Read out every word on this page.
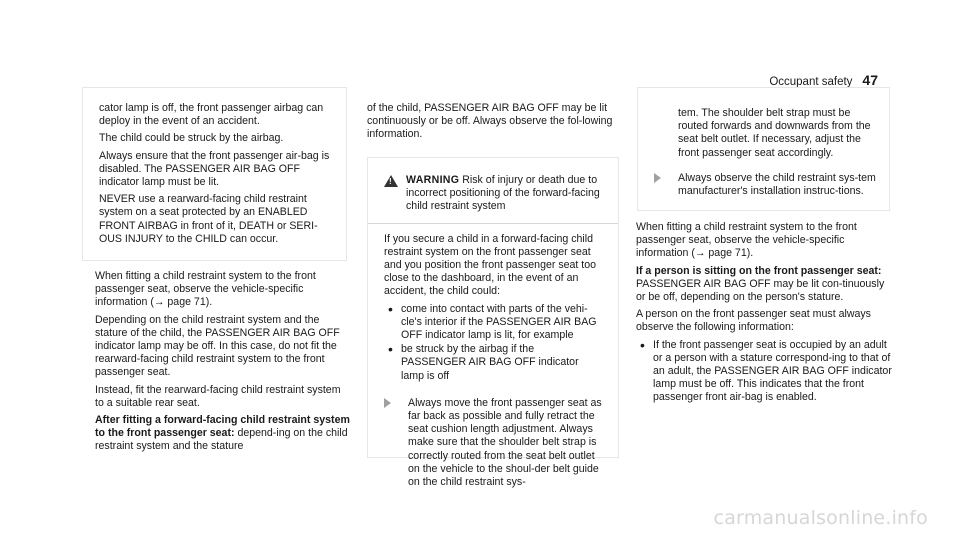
Occupant safety 47

cator lamp is off, the front passenger airbag can deploy in the event of an accident.

The child could be struck by the airbag.

Always ensure that the front passenger air-bag is disabled. The PASSENGER AIR BAG OFF indicator lamp must be lit.

NEVER use a rearward-facing child restraint system on a seat protected by an ENABLED FRONT AIRBAG in front of it, DEATH or SERI-OUS INJURY to the CHILD can occur.

When fitting a child restraint system to the front passenger seat, observe the vehicle-specific information (→ page 71).

Depending on the child restraint system and the stature of the child, the PASSENGER AIR BAG OFF indicator lamp may be off. In this case, do not fit the rearward-facing child restraint system to the front passenger seat.

Instead, fit the rearward-facing child restraint system to a suitable rear seat.

After fitting a forward-facing child restraint system to the front passenger seat: depend-ing on the child restraint system and the stature

of the child, PASSENGER AIR BAG OFF may be lit continuously or be off. Always observe the fol-lowing information.

!
WARNING Risk of injury or death due to incorrect positioning of the forward-facing child restraint system

If you secure a child in a forward-facing child restraint system on the front passenger seat and you position the front passenger seat too close to the dashboard, in the event of an accident, the child could:

• come into contact with parts of the vehi-cle's interior if the PASSENGER AIR BAG OFF indicator lamp is lit, for example
• be struck by the airbag if the PASSENGER AIR BAG OFF indicator lamp is off
Always move the front passenger seat as far back as possible and fully retract the seat cushion length adjustment. Always make sure that the shoulder belt strap is correctly routed from the seat belt outlet on the vehicle to the shoul-der belt guide on the child restraint sys-
tem. The shoulder belt strap must be routed forwards and downwards from the seat belt outlet. If necessary, adjust the front passenger seat accordingly.
Always observe the child restraint sys-tem manufacturer's installation instruc-tions.

When fitting a child restraint system to the front passenger seat, observe the vehicle-specific information (→ page 71).

If a person is sitting on the front passenger seat: PASSENGER AIR BAG OFF may be lit con-tinuously or be off, depending on the person's stature.

A person on the front passenger seat must always observe the following information:

• If the front passenger seat is occupied by an adult or a person with a stature correspond-ing to that of an adult, the PASSENGER AIR BAG OFF indicator lamp must be off. This indicates that the front passenger front air-bag is enabled.
carmanualsonline.info
